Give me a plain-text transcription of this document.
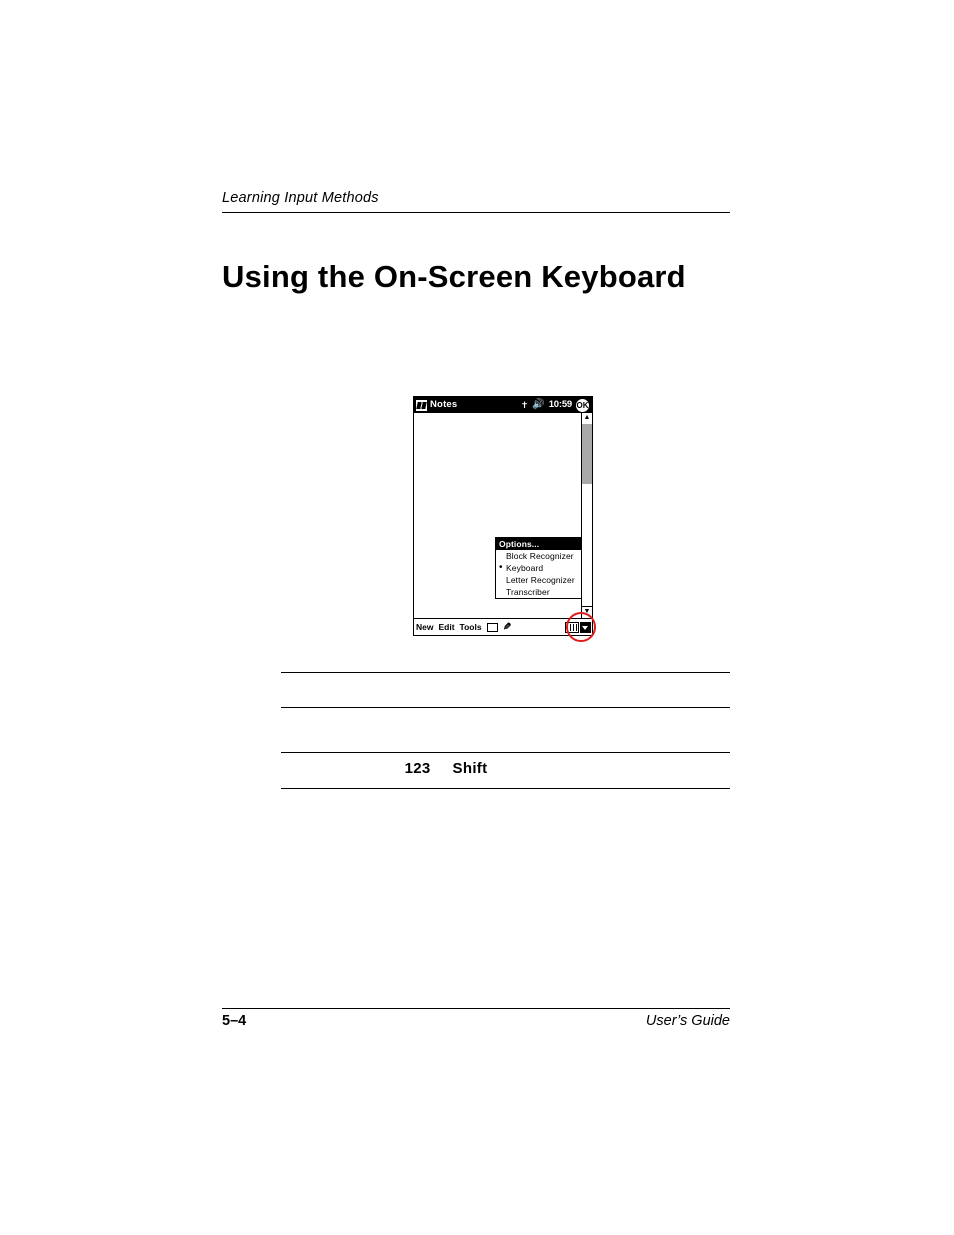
Learning Input Methods
Using the On-Screen Keyboard
Notes	✝ 🔊 10:59 OK
▲
▼
Options...
Block Recognizer
• Keyboard
Letter Recognizer
Transcriber
New Edit Tools ✎
123 Shift
5–4	User’s Guide
